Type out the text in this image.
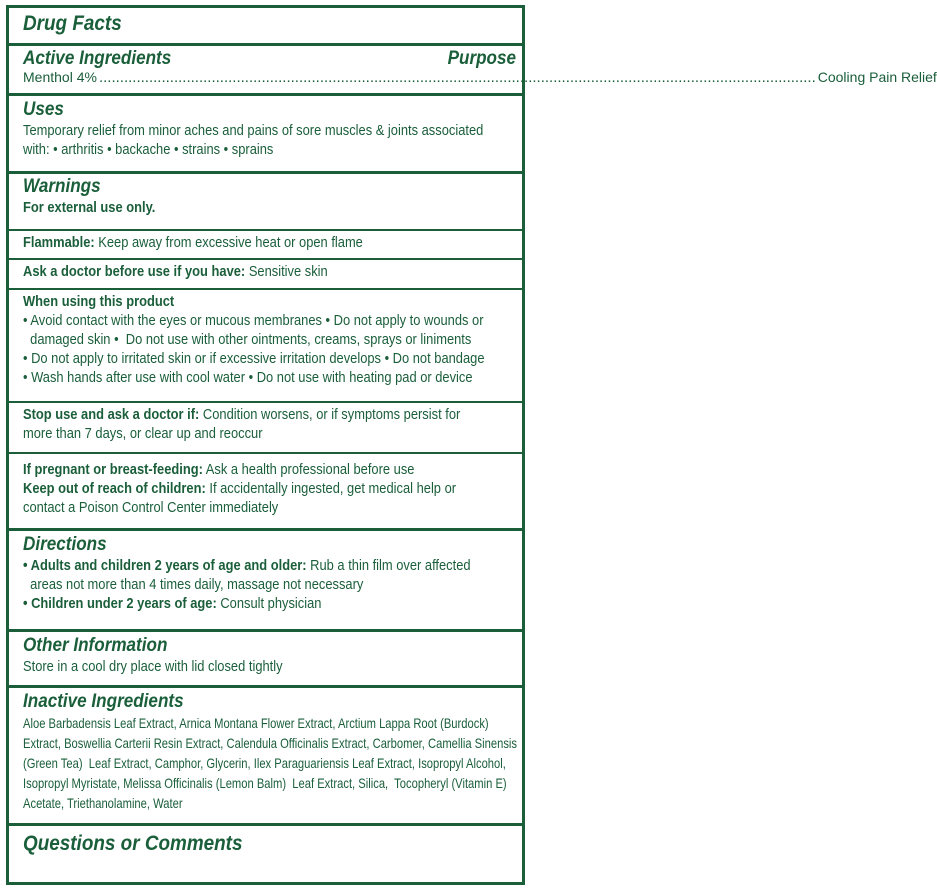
Drug Facts
Active Ingredients	Purpose
Menthol 4% ............................................................................................................................................................................ Cooling Pain Relief
Uses
Temporary relief from minor aches and pains of sore muscles & joints associated
with: • arthritis • backache • strains • sprains
Warnings
For external use only.
Flammable: Keep away from excessive heat or open flame
Ask a doctor before use if you have: Sensitive skin
When using this product
• Avoid contact with the eyes or mucous membranes • Do not apply to wounds or
damaged skin •  Do not use with other ointments, creams, sprays or liniments
• Do not apply to irritated skin or if excessive irritation develops • Do not bandage
• Wash hands after use with cool water • Do not use with heating pad or device
Stop use and ask a doctor if: Condition worsens, or if symptoms persist for
more than 7 days, or clear up and reoccur
If pregnant or breast-feeding: Ask a health professional before use
Keep out of reach of children: If accidentally ingested, get medical help or
contact a Poison Control Center immediately
Directions
• Adults and children 2 years of age and older: Rub a thin film over affected
areas not more than 4 times daily, massage not necessary
• Children under 2 years of age: Consult physician
Other Information
Store in a cool dry place with lid closed tightly
Inactive Ingredients
Aloe Barbadensis Leaf Extract, Arnica Montana Flower Extract, Arctium Lappa Root (Burdock)
Extract, Boswellia Carterii Resin Extract, Calendula Officinalis Extract, Carbomer, Camellia Sinensis
(Green Tea)  Leaf Extract, Camphor, Glycerin, Ilex Paraguariensis Leaf Extract, Isopropyl Alcohol,
Isopropyl Myristate, Melissa Officinalis (Lemon Balm)  Leaf Extract, Silica,  Tocopheryl (Vitamin E)
Acetate, Triethanolamine, Water
Questions or Comments
